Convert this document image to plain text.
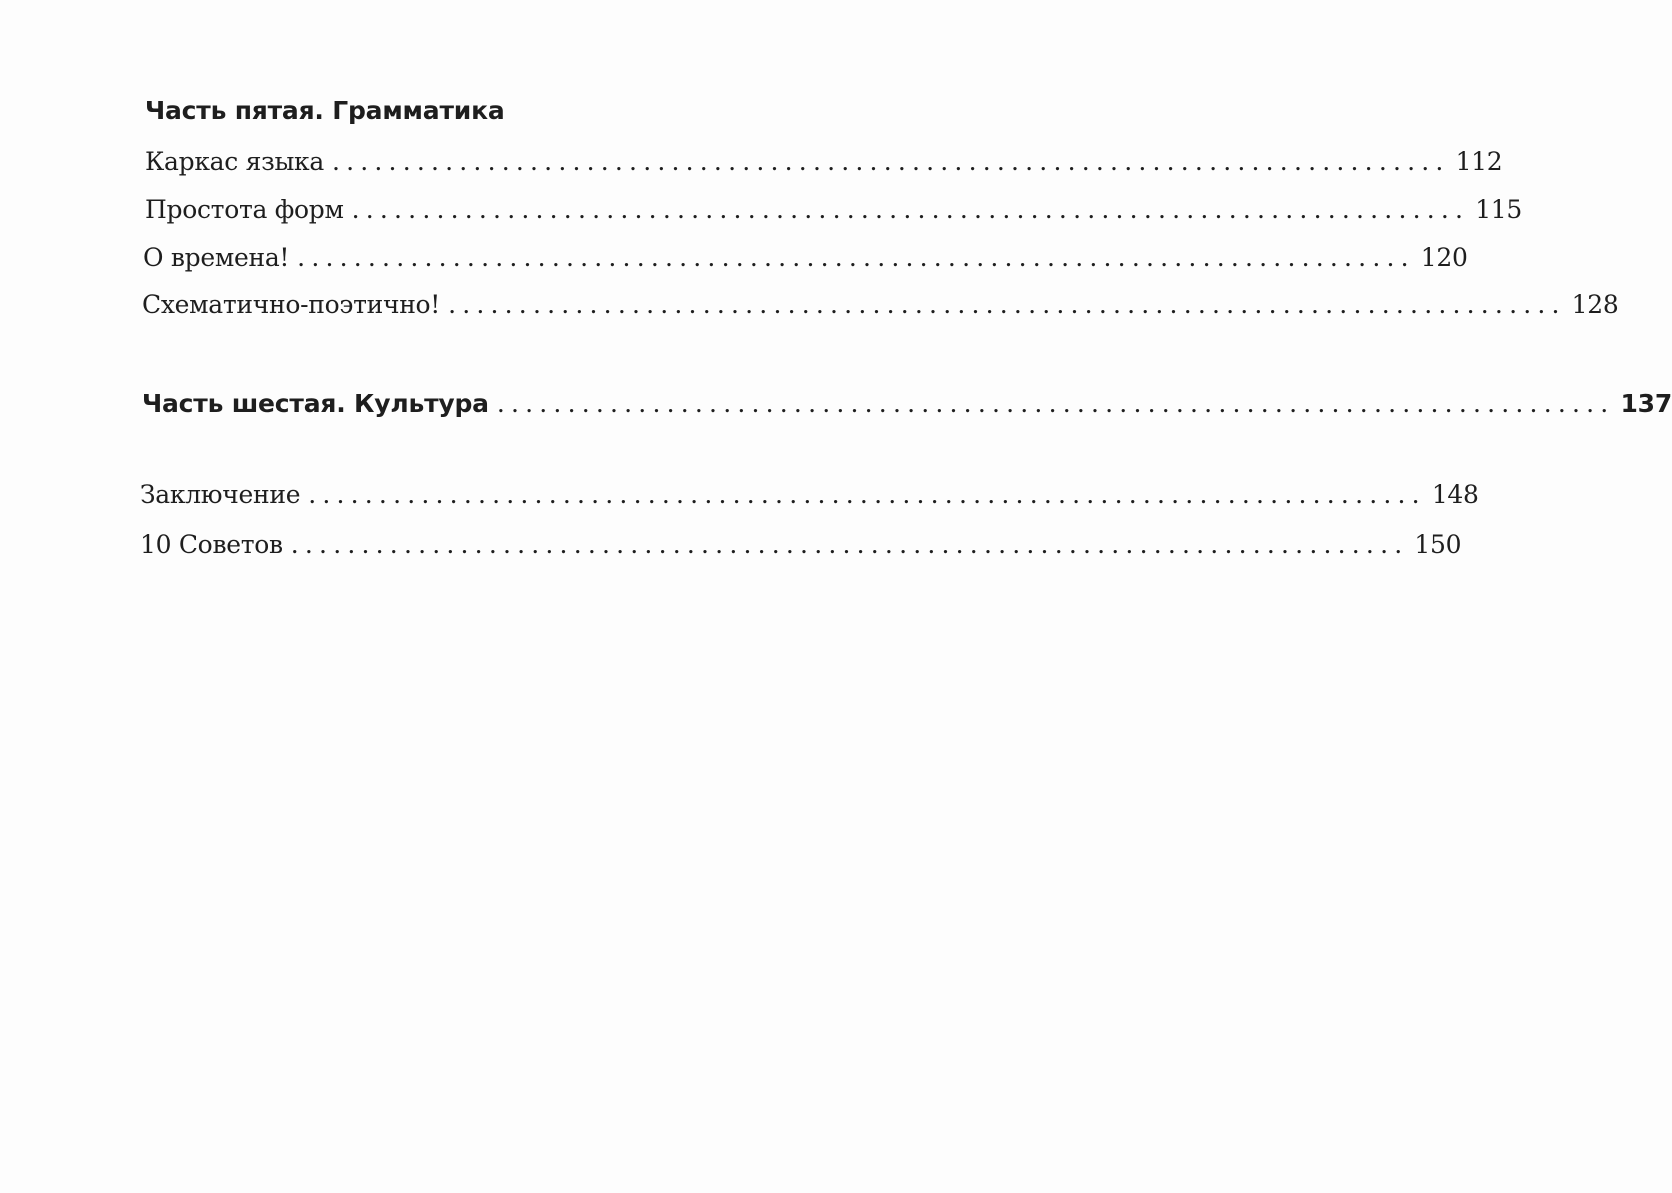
Часть пятая. Грамматика
Каркас языка ............................................................................... 112
Простота форм ............................................................................... 115
О времена! ............................................................................... 120
Схематично-поэтично! ............................................................................... 128
Часть шестая. Культура ............................................................................... 137
Заключение ............................................................................... 148
10 Советов ............................................................................... 150
